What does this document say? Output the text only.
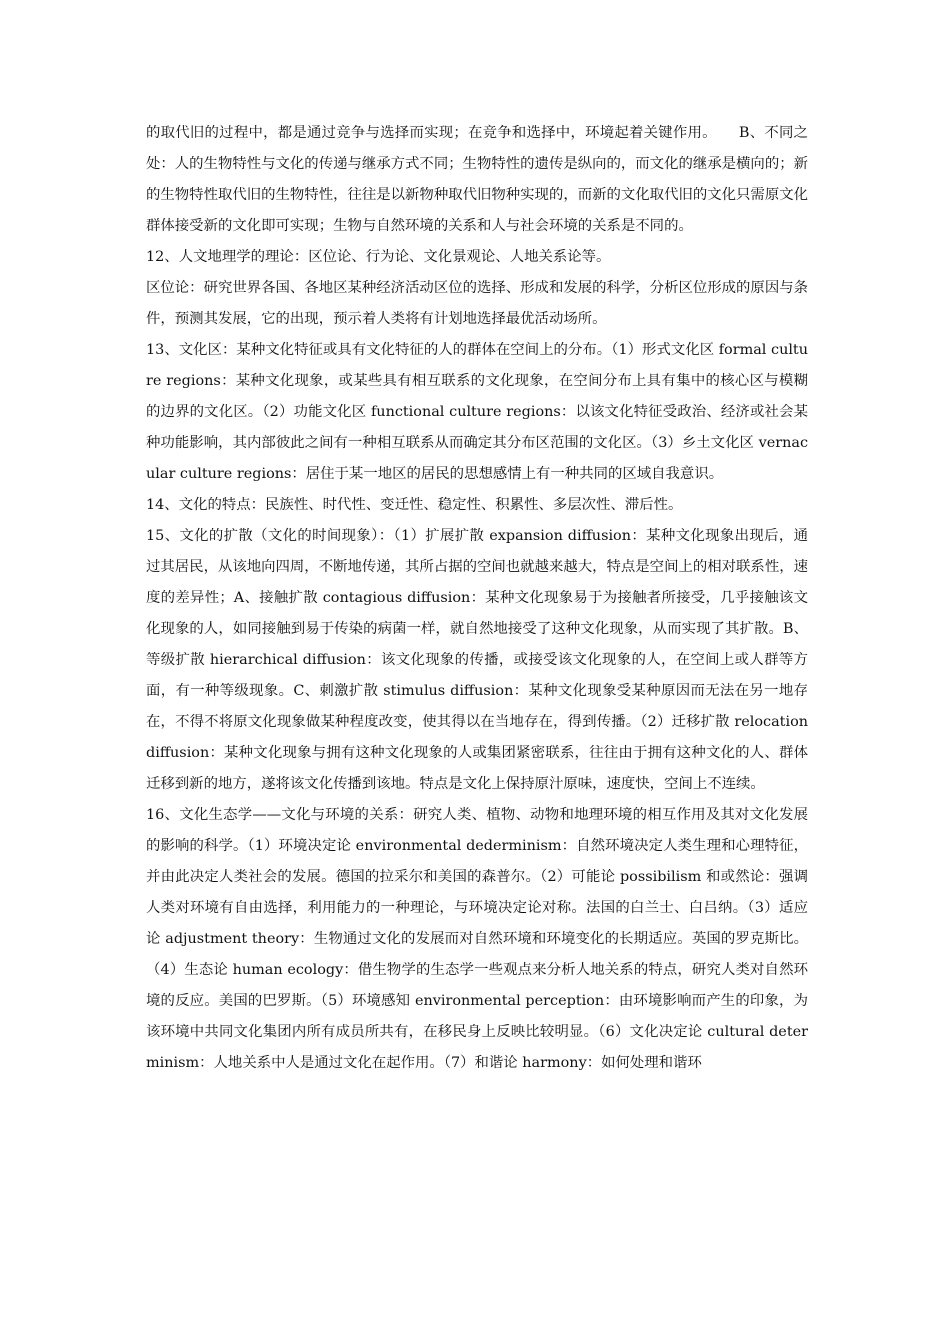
的取代旧的过程中，都是通过竞争与选择而实现；在竞争和选择中，环境起着关键作用。　　B、不同之处：人的生物特性与文化的传递与继承方式不同；生物特性的遗传是纵向的，而文化的继承是横向的；新的生物特性取代旧的生物特性，往往是以新物种取代旧物种实现的，而新的文化取代旧的文化只需原文化群体接受新的文化即可实现；生物与自然环境的关系和人与社会环境的关系是不同的。

12、人文地理学的理论：区位论、行为论、文化景观论、人地关系论等。

区位论：研究世界各国、各地区某种经济活动区位的选择、形成和发展的科学，分析区位形成的原因与条件，预测其发展，它的出现，预示着人类将有计划地选择最优活动场所。

13、文化区：某种文化特征或具有文化特征的人的群体在空间上的分布。（1）形式文化区 formal culture regions：某种文化现象，或某些具有相互联系的文化现象，在空间分布上具有集中的核心区与模糊的边界的文化区。（2）功能文化区 functional culture regions：以该文化特征受政治、经济或社会某种功能影响，其内部彼此之间有一种相互联系从而确定其分布区范围的文化区。（3）乡土文化区 vernacular culture regions：居住于某一地区的居民的思想感情上有一种共同的区域自我意识。

14、文化的特点：民族性、时代性、变迁性、稳定性、积累性、多层次性、滞后性。

15、文化的扩散（文化的时间现象）：（1）扩展扩散 expansion diffusion：某种文化现象出现后，通过其居民，从该地向四周，不断地传递，其所占据的空间也就越来越大，特点是空间上的相对联系性，速度的差异性；A、接触扩散 contagious diffusion：某种文化现象易于为接触者所接受，几乎接触该文化现象的人，如同接触到易于传染的病菌一样，就自然地接受了这种文化现象，从而实现了其扩散。B、等级扩散 hierarchical diffusion：该文化现象的传播，或接受该文化现象的人，在空间上或人群等方面，有一种等级现象。C、刺激扩散 stimulus diffusion：某种文化现象受某种原因而无法在另一地存在，不得不将原文化现象做某种程度改变，使其得以在当地存在，得到传播。（2）迁移扩散 relocation diffusion：某种文化现象与拥有这种文化现象的人或集团紧密联系，往往由于拥有这种文化的人、群体迁移到新的地方，遂将该文化传播到该地。特点是文化上保持原汁原味，速度快，空间上不连续。

16、文化生态学——文化与环境的关系：研究人类、植物、动物和地理环境的相互作用及其对文化发展的影响的科学。（1）环境决定论 environmental dederminism：自然环境决定人类生理和心理特征，并由此决定人类社会的发展。德国的拉采尔和美国的森普尔。（2）可能论 possibilism 和或然论：强调人类对环境有自由选择，利用能力的一种理论，与环境决定论对称。法国的白兰士、白吕纳。（3）适应论 adjustment theory：生物通过文化的发展而对自然环境和环境变化的长期适应。英国的罗克斯比。（4）生态论 human ecology：借生物学的生态学一些观点来分析人地关系的特点，研究人类对自然环境的反应。美国的巴罗斯。（5）环境感知 environmental perception：由环境影响而产生的印象，为该环境中共同文化集团内所有成员所共有，在移民身上反映比较明显。（6）文化决定论 cultural determinism：人地关系中人是通过文化在起作用。（7）和谐论 harmony：如何处理和谐环
